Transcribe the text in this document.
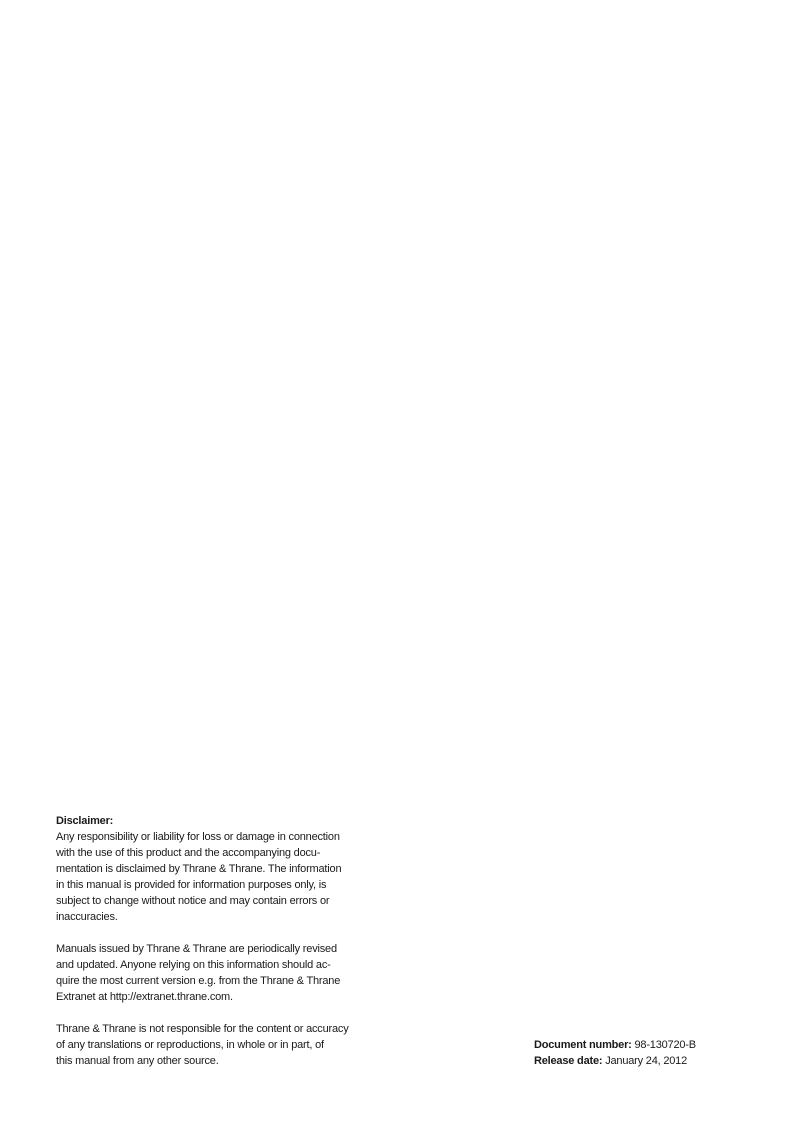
Disclaimer:
Any responsibility or liability for loss or damage in connection
with the use of this product and the accompanying docu-
mentation is disclaimed by Thrane & Thrane. The information
in this manual is provided for information purposes only, is
subject to change without notice and may contain errors or
inaccuracies.
Manuals issued by Thrane & Thrane are periodically revised
and updated. Anyone relying on this information should ac-
quire the most current version e.g. from the Thrane & Thrane
Extranet at http://extranet.thrane.com.
Thrane & Thrane is not responsible for the content or accuracy
of any translations or reproductions, in whole or in part, of
this manual from any other source.
Document number: 98-130720-B
Release date: January 24, 2012
